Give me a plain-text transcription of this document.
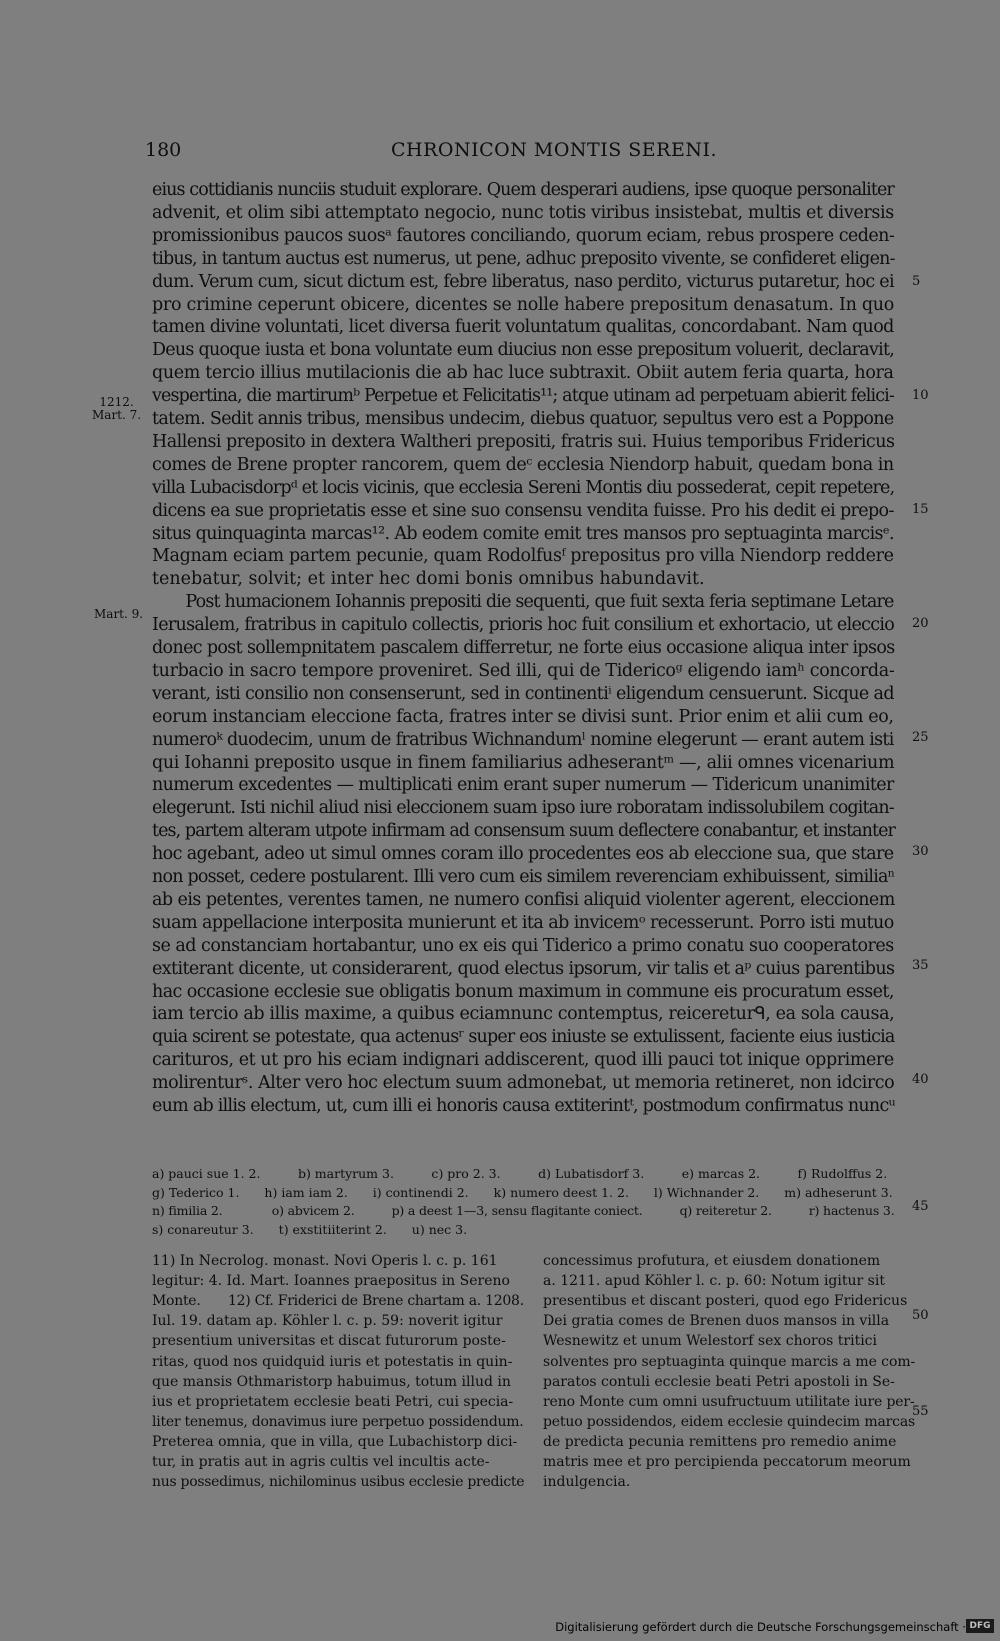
180	CHRONICON MONTIS SERENI.
eius cottidianis nunciis studuit explorare. Quem desperari audiens, ipse quoque personaliter
advenit, et olim sibi attemptato negocio, nunc totis viribus insistebat, multis et diversis
promissionibus paucos suosᵃ fautores conciliando, quorum eciam, rebus prospere ceden-
tibus, in tantum auctus est numerus, ut pene, adhuc preposito vivente, se confideret eligen-
dum. Verum cum, sicut dictum est, febre liberatus, naso perdito, victurus putaretur, hoc ei
pro crimine ceperunt obicere, dicentes se nolle habere prepositum denasatum. In quo
tamen divine voluntati, licet diversa fuerit voluntatum qualitas, concordabant. Nam quod
Deus quoque iusta et bona voluntate eum diucius non esse prepositum voluerit, declaravit,
quem tercio illius mutilacionis die ab hac luce subtraxit. Obiit autem feria quarta, hora
vespertina, die martirumᵇ Perpetue et Felicitatis¹¹; atque utinam ad perpetuam abierit felici-
tatem. Sedit annis tribus, mensibus undecim, diebus quatuor, sepultus vero est a Poppone
Hallensi preposito in dextera Waltheri prepositi, fratris sui. Huius temporibus Fridericus
comes de Brene propter rancorem, quem deᶜ ecclesia Niendorp habuit, quedam bona in
villa Lubacisdorpᵈ et locis vicinis, que ecclesia Sereni Montis diu possederat, cepit repetere,
dicens ea sue proprietatis esse et sine suo consensu vendita fuisse. Pro his dedit ei prepo-
situs quinquaginta marcas¹². Ab eodem comite emit tres mansos pro septuaginta marcisᵉ.
Magnam eciam partem pecunie, quam Rodolfusᶠ prepositus pro villa Niendorp reddere
tenebatur, solvit; et inter hec domi bonis omnibus habundavit.
  Post humacionem Iohannis prepositi die sequenti, que fuit sexta feria septimane Letare
Ierusalem, fratribus in capitulo collectis, prioris hoc fuit consilium et exhortacio, ut eleccio
donec post sollempnitatem pascalem differretur, ne forte eius occasione aliqua inter ipsos
turbacio in sacro tempore proveniret. Sed illi, qui de Tidericoᵍ eligendo iamʰ concorda-
verant, isti consilio non consenserunt, sed in continentiⁱ eligendum censuerunt. Sicque ad
eorum instanciam eleccione facta, fratres inter se divisi sunt. Prior enim et alii cum eo,
numeroᵏ duodecim, unum de fratribus Wichnandumˡ nomine elegerunt — erant autem isti
qui Iohanni preposito usque in finem familiarius adheserantᵐ —, alii omnes vicenarium
numerum excedentes — multiplicati enim erant super numerum — Tidericum unanimiter
elegerunt. Isti nichil aliud nisi eleccionem suam ipso iure roboratam indissolubilem cogitan-
tes, partem alteram utpote infirmam ad consensum suum deflectere conabantur, et instanter
hoc agebant, adeo ut simul omnes coram illo procedentes eos ab eleccione sua, que stare
non posset, cedere postularent. Illi vero cum eis similem reverenciam exhibuissent, similiaⁿ
ab eis petentes, verentes tamen, ne numero confisi aliquid violenter agerent, eleccionem
suam appellacione interposita munierunt et ita ab invicemᵒ recesserunt. Porro isti mutuo
se ad constanciam hortabantur, uno ex eis qui Tiderico a primo conatu suo cooperatores
extiterant dicente, ut considerarent, quod electus ipsorum, vir talis et aᵖ cuius parentibus
hac occasione ecclesie sue obligatis bonum maximum in commune eis procuratum esset,
iam tercio ab illis maxime, a quibus eciamnunc contemptus, reicereturᑫ, ea sola causa,
quia scirent se potestate, qua actenusʳ super eos iniuste se extulissent, faciente eius iusticia
carituros, et ut pro his eciam indignari addiscerent, quod illi pauci tot inique opprimere
molirenturˢ. Alter vero hoc electum suum admonebat, ut memoria retineret, non idcirco
eum ab illis electum, ut, cum illi ei honoris causa extiterintᵗ, postmodum confirmatus nuncᵘ
1212.
Mart. 7.
Mart. 9.
5
10
15
20
25
30
35
40
45
50
55
a) pauci sue 1. 2.   b) martyrum 3.   c) pro 2. 3.   d) Lubatisdorf 3.   e) marcas 2.   f) Rudolffus 2.
g) Tederico 1.  h) iam iam 2.  i) continendi 2.  k) numero deest 1. 2.  l) Wichnander 2.  m) adheserunt 3.
n) fimilia 2.    o) abvicem 2.   p) a deest 1—3, sensu flagitante coniect.   q) reiteretur 2.   r) hactenus 3.
s) conareutur 3.  t) exstitiiterint 2.  u) nec 3.
11) In Necrolog. monast. Novi Operis l. c. p. 161
legitur: 4. Id. Mart. Ioannes praepositus in Sereno
Monte.  12) Cf. Friderici de Brene chartam a. 1208.
Iul. 19. datam ap. Köhler l. c. p. 59: noverit igitur
presentium universitas et discat futurorum poste-
ritas, quod nos quidquid iuris et potestatis in quin-
que mansis Othmaristorp habuimus, totum illud in
ius et proprietatem ecclesie beati Petri, cui specia-
liter tenemus, donavimus iure perpetuo possidendum.
Preterea omnia, que in villa, que Lubachistorp dici-
tur, in pratis aut in agris cultis vel incultis acte-
nus possedimus, nichilominus usibus ecclesie predicte
concessimus profutura, et eiusdem donationem
a. 1211. apud Köhler l. c. p. 60: Notum igitur sit
presentibus et discant posteri, quod ego Fridericus
Dei gratia comes de Brenen duos mansos in villa
Wesnewitz et unum Welestorf sex choros tritici
solventes pro septuaginta quinque marcis a me com-
paratos contuli ecclesie beati Petri apostoli in Se-
reno Monte cum omni usufructuum utilitate iure per-
petuo possidendos, eidem ecclesie quindecim marcas
de predicta pecunia remittens pro remedio anime
matris mee et pro percipienda peccatorum meorum
indulgencia.
Digitalisierung gefördert durch die Deutsche Forschungsgemeinschaft · DFG
